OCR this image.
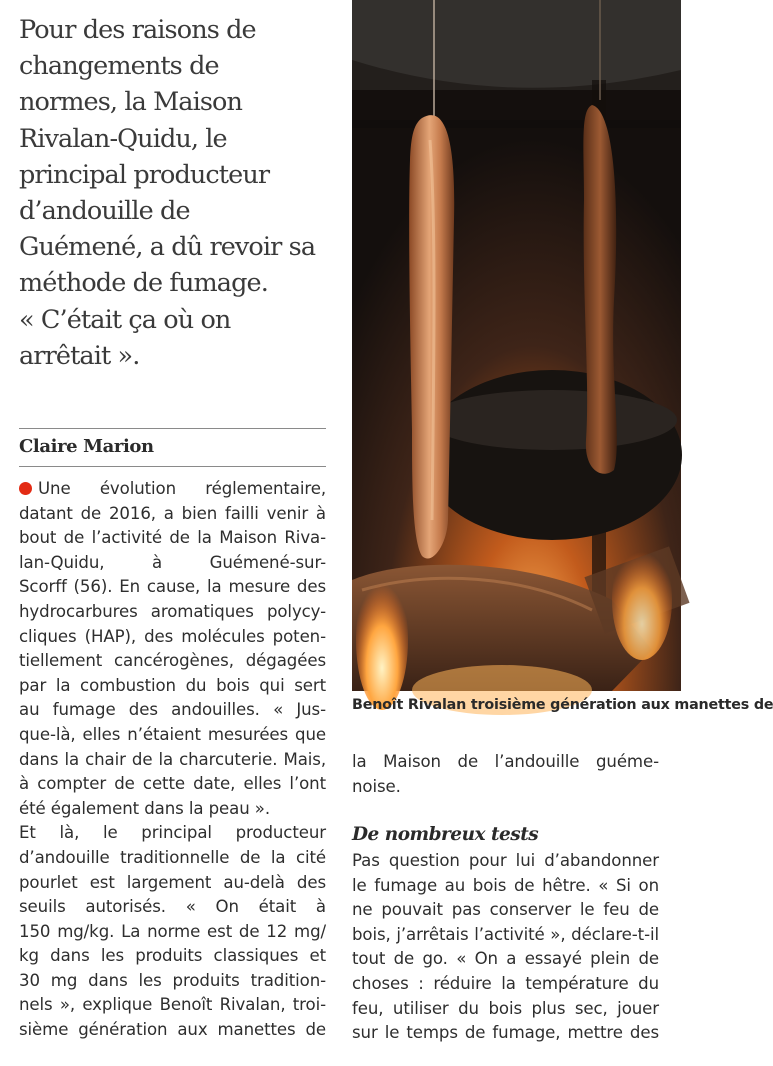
Pour des raisons de
changements de
normes, la Maison
Rivalan-Quidu, le
principal producteur
d’andouille de
Guémené, a dû revoir sa
méthode de fumage.
« C’était ça où on
arrêtait ».
Claire Marion
Une évolution réglementaire,
datant de 2016, a bien failli venir à
bout de l’activité de la Maison Riva-
lan-Quidu, à Guémené-sur-
Scorff (56). En cause, la mesure des
hydrocarbures aromatiques polycy-
cliques (HAP), des molécules poten-
tiellement cancérogènes, dégagées
par la combustion du bois qui sert
au fumage des andouilles. « Jus-
que-là, elles n’étaient mesurées que
dans la chair de la charcuterie. Mais,
à compter de cette date, elles l’ont
été également dans la peau ».
Et là, le principal producteur
d’andouille traditionnelle de la cité
pourlet est largement au-delà des
seuils autorisés. « On était à
150 mg/kg. La norme est de 12 mg/
kg dans les produits classiques et
30 mg dans les produits tradition-
nels », explique Benoît Rivalan, troi-
sième génération aux manettes de
Benoît Rivalan troisième génération aux manettes de
la Maison de l’andouille guéme-
noise.
De nombreux tests
Pas question pour lui d’abandonner
le fumage au bois de hêtre. « Si on
ne pouvait pas conserver le feu de
bois, j’arrêtais l’activité », déclare-t-il
tout de go. « On a essayé plein de
choses : réduire la température du
feu, utiliser du bois plus sec, jouer
sur le temps de fumage, mettre des
